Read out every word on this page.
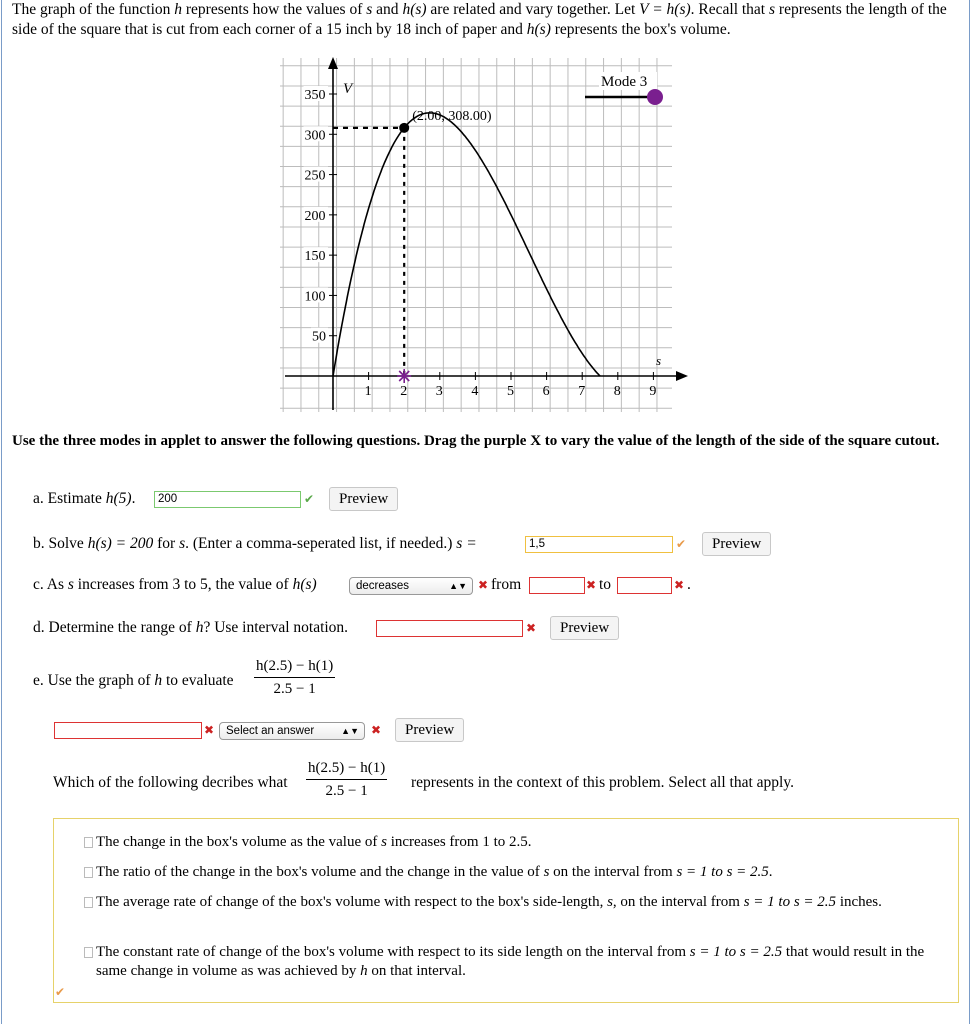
The graph of the function h represents how the values of s and h(s) are related and vary together. Let V = h(s). Recall that s represents the length of the side of the square that is cut from each corner of a 15 inch by 18 inch of paper and h(s) represents the box's volume.
1 2 3 4 5 6 7 8 9
50
100
150
200
250
300
350 V
s
(2.00, 308.00)
Mode 3
Use the three modes in applet to answer the following questions. Drag the purple X to vary the value of the length of the side of the square cutout.
a. Estimate h(5).	200	✔	Preview
b. Solve h(s) = 200 for s. (Enter a comma-seperated list, if needed.) s =	1,5	✔	Preview
c. As s increases from 3 to 5, the value of h(s)	decreases	▲▼ ✖ from	✖ to	✖ .
d. Determine the range of h? Use interval notation.	✖	Preview
e. Use the graph of h to evaluate $\frac{h(2.5) - h(1)}{2.5 - 1}$
✖	Select an answer	▲▼ ✖	Preview
Which of the following decribes what $\frac{h(2.5) - h(1)}{2.5 - 1}$ represents in the context of this problem. Select all that apply.
The change in the box's volume as the value of s increases from 1 to 2.5.
The ratio of the change in the box's volume and the change in the value of s on the interval from s = 1 to s = 2.5.
The average rate of change of the box's volume with respect to the box's side-length, s, on the interval from s = 1 to s = 2.5 inches.
The constant rate of change of the box's volume with respect to its side length on the interval from s = 1 to s = 2.5 that would result in the same change in volume as was achieved by h on that interval.
✔
